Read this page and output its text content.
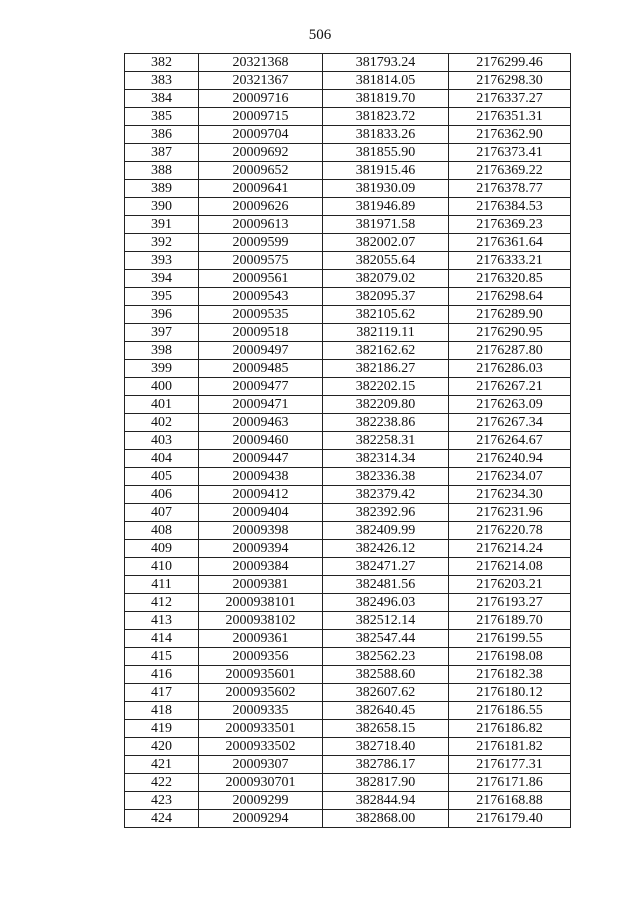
506
382	20321368	381793.24	2176299.46
383	20321367	381814.05	2176298.30
384	20009716	381819.70	2176337.27
385	20009715	381823.72	2176351.31
386	20009704	381833.26	2176362.90
387	20009692	381855.90	2176373.41
388	20009652	381915.46	2176369.22
389	20009641	381930.09	2176378.77
390	20009626	381946.89	2176384.53
391	20009613	381971.58	2176369.23
392	20009599	382002.07	2176361.64
393	20009575	382055.64	2176333.21
394	20009561	382079.02	2176320.85
395	20009543	382095.37	2176298.64
396	20009535	382105.62	2176289.90
397	20009518	382119.11	2176290.95
398	20009497	382162.62	2176287.80
399	20009485	382186.27	2176286.03
400	20009477	382202.15	2176267.21
401	20009471	382209.80	2176263.09
402	20009463	382238.86	2176267.34
403	20009460	382258.31	2176264.67
404	20009447	382314.34	2176240.94
405	20009438	382336.38	2176234.07
406	20009412	382379.42	2176234.30
407	20009404	382392.96	2176231.96
408	20009398	382409.99	2176220.78
409	20009394	382426.12	2176214.24
410	20009384	382471.27	2176214.08
411	20009381	382481.56	2176203.21
412	2000938101	382496.03	2176193.27
413	2000938102	382512.14	2176189.70
414	20009361	382547.44	2176199.55
415	20009356	382562.23	2176198.08
416	2000935601	382588.60	2176182.38
417	2000935602	382607.62	2176180.12
418	20009335	382640.45	2176186.55
419	2000933501	382658.15	2176186.82
420	2000933502	382718.40	2176181.82
421	20009307	382786.17	2176177.31
422	2000930701	382817.90	2176171.86
423	20009299	382844.94	2176168.88
424	20009294	382868.00	2176179.40
